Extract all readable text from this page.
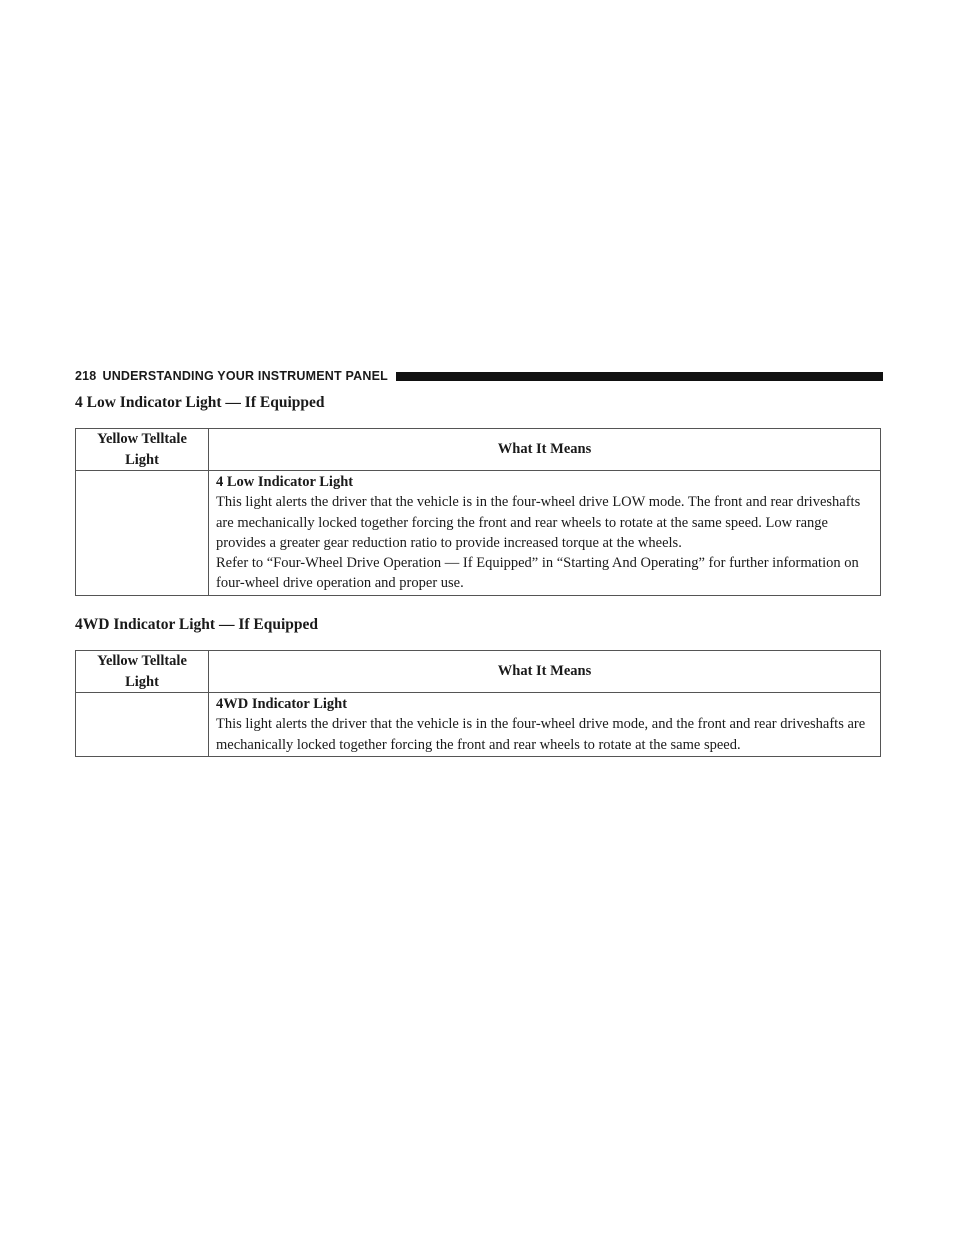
218 UNDERSTANDING YOUR INSTRUMENT PANEL
4 Low Indicator Light — If Equipped
Yellow Telltale
Light	What It Means

	4 Low Indicator Light
This light alerts the driver that the vehicle is in the four-wheel drive LOW mode. The front and rear driveshafts are mechanically locked together forcing the front and rear wheels to rotate at the same speed. Low range provides a greater gear reduction ratio to provide increased torque at the wheels.
Refer to “Four-Wheel Drive Operation — If Equipped” in “Starting And Operating” for further information on four-wheel drive operation and proper use.
4WD Indicator Light — If Equipped
Yellow Telltale
Light	What It Means

	4WD Indicator Light
This light alerts the driver that the vehicle is in the four-wheel drive mode, and the front and rear driveshafts are mechanically locked together forcing the front and rear wheels to rotate at the same speed.
